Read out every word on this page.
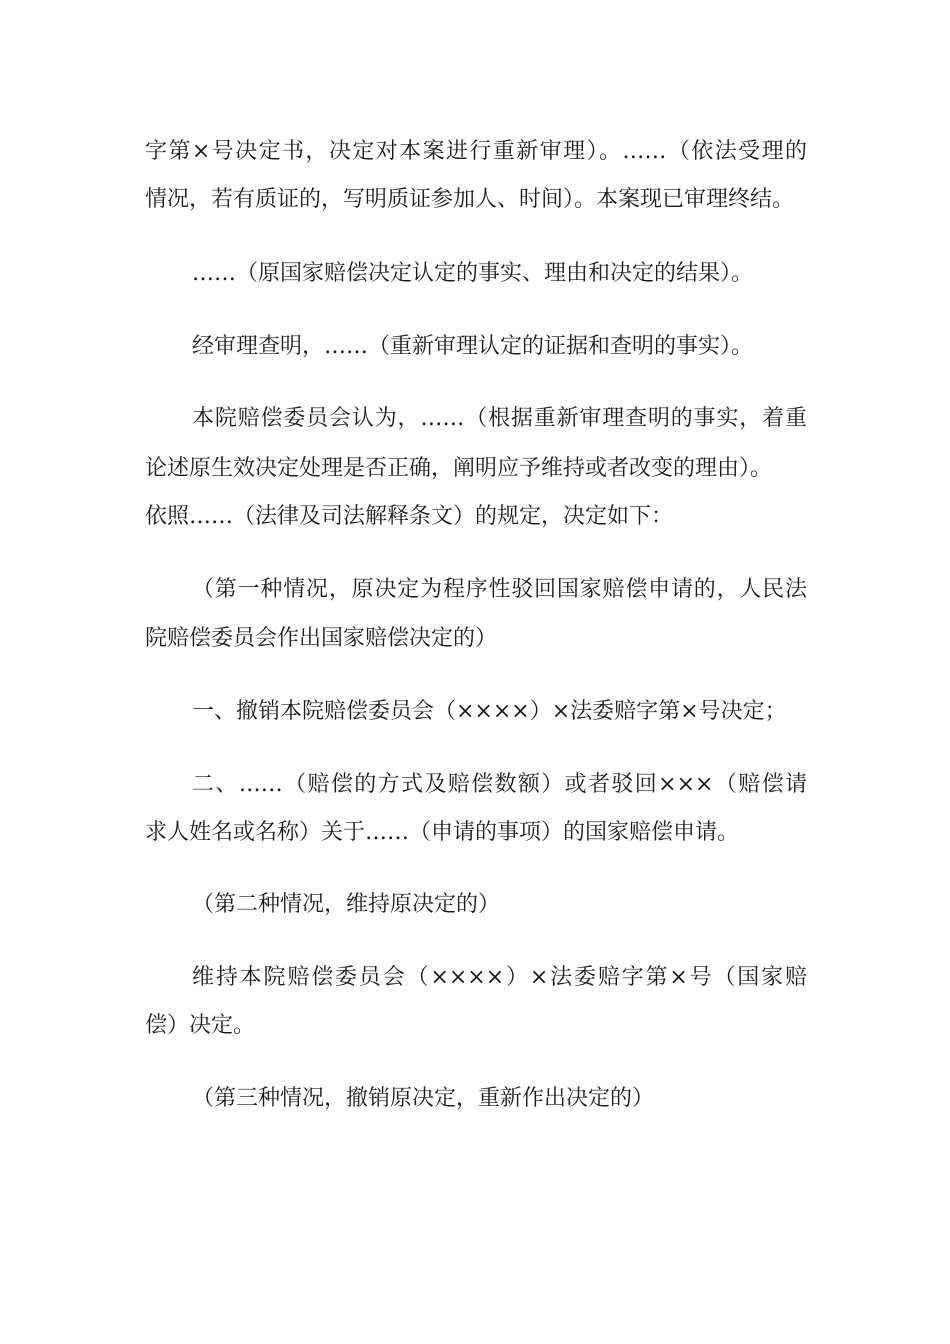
字第×号决定书，决定对本案进行重新审理）。……（依法受理的
情况，若有质证的，写明质证参加人、时间）。本案现已审理终结。
……（原国家赔偿决定认定的事实、理由和决定的结果）。
经审理查明，……（重新审理认定的证据和查明的事实）。
本院赔偿委员会认为，……（根据重新审理查明的事实，着重
论述原生效决定处理是否正确，阐明应予维持或者改变的理由）。
依照……（法律及司法解释条文）的规定，决定如下：
（第一种情况，原决定为程序性驳回国家赔偿申请的，人民法
院赔偿委员会作出国家赔偿决定的）
一、撤销本院赔偿委员会（××××）×法委赔字第×号决定；
二、……（赔偿的方式及赔偿数额）或者驳回×××（赔偿请
求人姓名或名称）关于……（申请的事项）的国家赔偿申请。
（第二种情况，维持原决定的）
维持本院赔偿委员会（××××）×法委赔字第×号（国家赔
偿）决定。
（第三种情况，撤销原决定，重新作出决定的）
